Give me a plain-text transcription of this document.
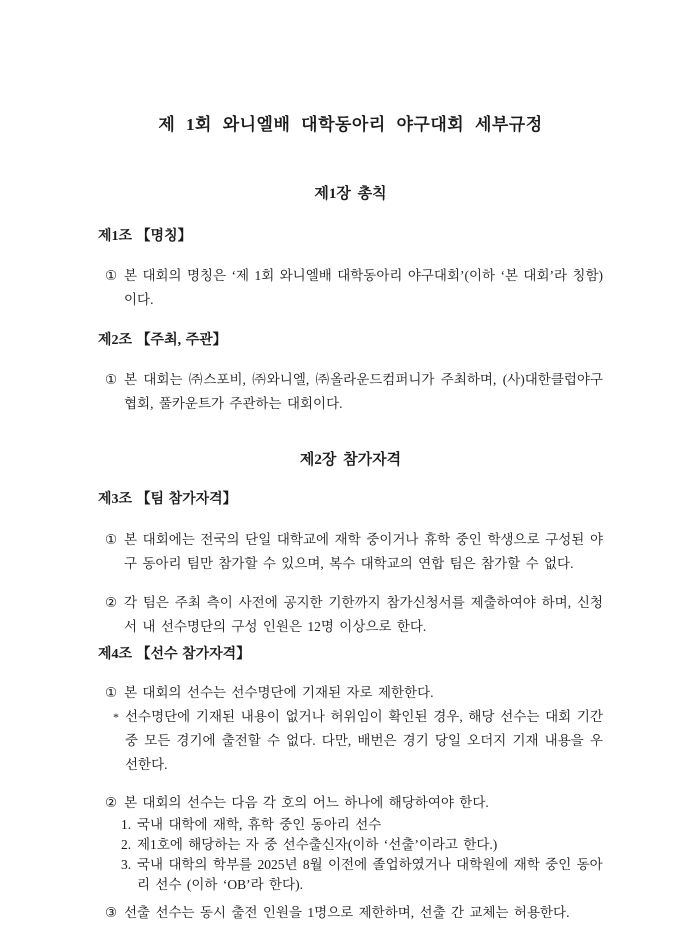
제 1회 와니엘배 대학동아리 야구대회 세부규정
제1장 총칙
제1조 【명칭】
① 본 대회의 명칭은 ‘제 1회 와니엘배 대학동아리 야구대회’(이하 ‘본 대회’라 칭함)이다.
제2조 【주최, 주관】
① 본 대회는 ㈜스포비, ㈜와니엘, ㈜올라운드컴퍼니가 주최하며, (사)대한클럽야구협회, 풀카운트가 주관하는 대회이다.
제2장 참가자격
제3조 【팀 참가자격】
① 본 대회에는 전국의 단일 대학교에 재학 중이거나 휴학 중인 학생으로 구성된 야구 동아리 팀만 참가할 수 있으며, 복수 대학교의 연합 팀은 참가할 수 없다.
② 각 팀은 주최 측이 사전에 공지한 기한까지 참가신청서를 제출하여야 하며, 신청서 내 선수명단의 구성 인원은 12명 이상으로 한다.
제4조 【선수 참가자격】
① 본 대회의 선수는 선수명단에 기재된 자로 제한한다.
* 선수명단에 기재된 내용이 없거나 허위임이 확인된 경우, 해당 선수는 대회 기간 중 모든 경기에 출전할 수 없다. 다만, 배번은 경기 당일 오더지 기재 내용을 우선한다.
② 본 대회의 선수는 다음 각 호의 어느 하나에 해당하여야 한다.
1. 국내 대학에 재학, 휴학 중인 동아리 선수
2. 제1호에 해당하는 자 중 선수출신자(이하 ‘선출’이라고 한다.)
3. 국내 대학의 학부를 2025년 8월 이전에 졸업하였거나 대학원에 재학 중인 동아리 선수 (이하 ‘OB’라 한다).
③ 선출 선수는 동시 출전 인원을 1명으로 제한하며, 선출 간 교체는 허용한다.
